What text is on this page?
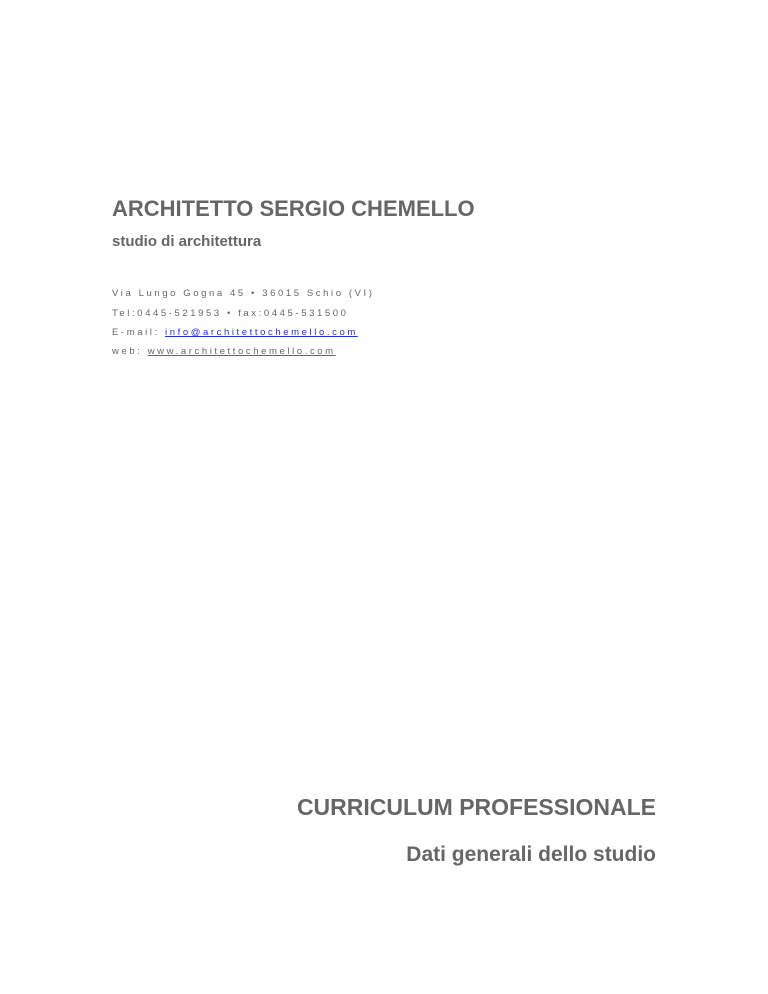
ARCHITETTO SERGIO CHEMELLO
studio di architettura

Via Lungo Gogna 45 • 36015 Schio (VI)

Tel:0445-521953 • fax:0445-531500

E-mail: info@architettochemello.com

web: www.architettochemello.com

CURRICULUM PROFESSIONALE
Dati generali dello studio
